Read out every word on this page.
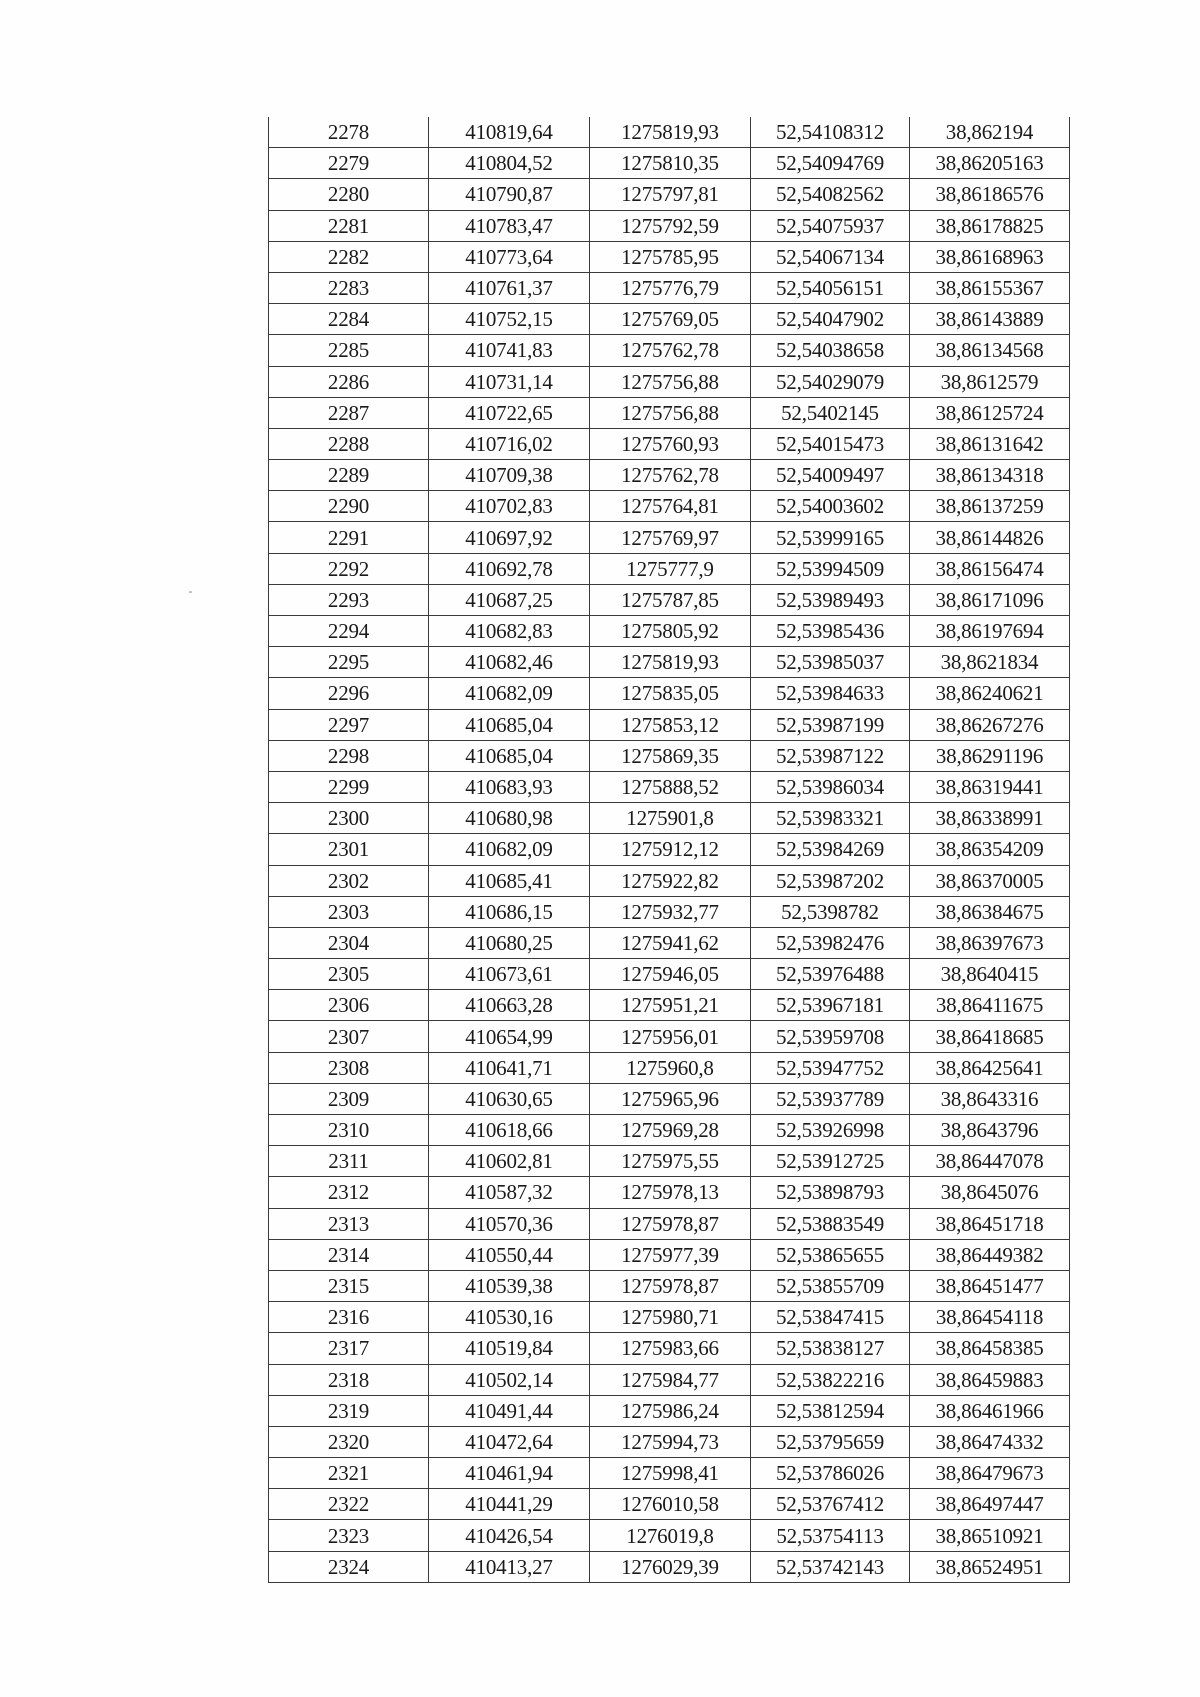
2278	410819,64	1275819,93	52,54108312	38,862194
2279	410804,52	1275810,35	52,54094769	38,86205163
2280	410790,87	1275797,81	52,54082562	38,86186576
2281	410783,47	1275792,59	52,54075937	38,86178825
2282	410773,64	1275785,95	52,54067134	38,86168963
2283	410761,37	1275776,79	52,54056151	38,86155367
2284	410752,15	1275769,05	52,54047902	38,86143889
2285	410741,83	1275762,78	52,54038658	38,86134568
2286	410731,14	1275756,88	52,54029079	38,8612579
2287	410722,65	1275756,88	52,5402145	38,86125724
2288	410716,02	1275760,93	52,54015473	38,86131642
2289	410709,38	1275762,78	52,54009497	38,86134318
2290	410702,83	1275764,81	52,54003602	38,86137259
2291	410697,92	1275769,97	52,53999165	38,86144826
2292	410692,78	1275777,9	52,53994509	38,86156474
2293	410687,25	1275787,85	52,53989493	38,86171096
2294	410682,83	1275805,92	52,53985436	38,86197694
2295	410682,46	1275819,93	52,53985037	38,8621834
2296	410682,09	1275835,05	52,53984633	38,86240621
2297	410685,04	1275853,12	52,53987199	38,86267276
2298	410685,04	1275869,35	52,53987122	38,86291196
2299	410683,93	1275888,52	52,53986034	38,86319441
2300	410680,98	1275901,8	52,53983321	38,86338991
2301	410682,09	1275912,12	52,53984269	38,86354209
2302	410685,41	1275922,82	52,53987202	38,86370005
2303	410686,15	1275932,77	52,5398782	38,86384675
2304	410680,25	1275941,62	52,53982476	38,86397673
2305	410673,61	1275946,05	52,53976488	38,8640415
2306	410663,28	1275951,21	52,53967181	38,86411675
2307	410654,99	1275956,01	52,53959708	38,86418685
2308	410641,71	1275960,8	52,53947752	38,86425641
2309	410630,65	1275965,96	52,53937789	38,8643316
2310	410618,66	1275969,28	52,53926998	38,8643796
2311	410602,81	1275975,55	52,53912725	38,86447078
2312	410587,32	1275978,13	52,53898793	38,8645076
2313	410570,36	1275978,87	52,53883549	38,86451718
2314	410550,44	1275977,39	52,53865655	38,86449382
2315	410539,38	1275978,87	52,53855709	38,86451477
2316	410530,16	1275980,71	52,53847415	38,86454118
2317	410519,84	1275983,66	52,53838127	38,86458385
2318	410502,14	1275984,77	52,53822216	38,86459883
2319	410491,44	1275986,24	52,53812594	38,86461966
2320	410472,64	1275994,73	52,53795659	38,86474332
2321	410461,94	1275998,41	52,53786026	38,86479673
2322	410441,29	1276010,58	52,53767412	38,86497447
2323	410426,54	1276019,8	52,53754113	38,86510921
2324	410413,27	1276029,39	52,53742143	38,86524951
